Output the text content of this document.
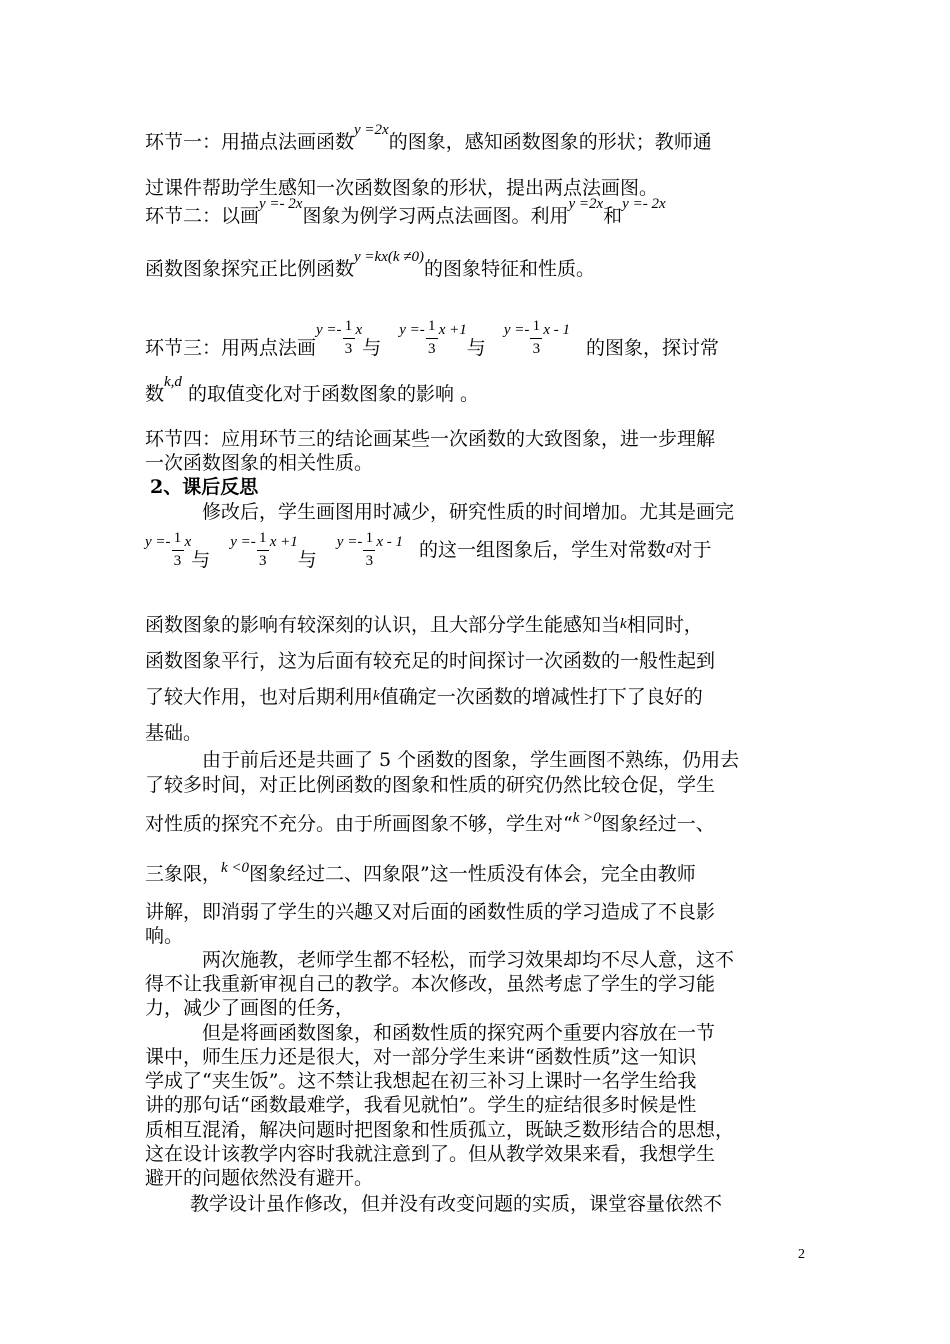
环节一：用描点法画函数$^{y =2x}$的图象，感知函数图象的形状；教师通
过课件帮助学生感知一次函数图象的形状，提出两点法画图。
环节二：以画$^{y =- 2x}$图象为例学习两点法画图。利用$^{y =2x}$和$^{y =- 2x}$
函数图象探究正比例函数$^{y =kx(k \ne 0)}$的图象特征和性质。
环节三：用两点法画$^{y =-} \frac{1}{3} ^x$与$^{y =-} \frac{1}{3} ^{x +1}$与$^{y =-} \frac{1}{3} ^{x - 1}$的图象，探讨常
数$^{k,d}$ 的取值变化对于函数图象的影响 。
环节四：应用环节三的结论画某些一次函数的大致图象，进一步理解
一次函数图象的相关性质。
2、课后反思
修改后，学生画图用时减少，研究性质的时间增加。尤其是画完
$^{y =-} \frac{1}{3} ^x$与$^{y =-} \frac{1}{3} ^{x +1}$与$^{y =-} \frac{1}{3} ^{x - 1}$ 的这一组图象后，学生对常数d对于
函数图象的影响有较深刻的认识，且大部分学生能感知当k相同时，
函数图象平行，这为后面有较充足的时间探讨一次函数的一般性起到
了较大作用，也对后期利用k值确定一次函数的增减性打下了良好的
基础。
由于前后还是共画了 5 个函数的图象，学生画图不熟练，仍用去
了较多时间，对正比例函数的图象和性质的研究仍然比较仓促，学生
对性质的探究不充分。由于所画图象不够，学生对“$^{k >0}$图象经过一、
三象限，$^{k <0}$图象经过二、四象限”这一性质没有体会，完全由教师
讲解，即消弱了学生的兴趣又对后面的函数性质的学习造成了不良影
响。
两次施教，老师学生都不轻松，而学习效果却均不尽人意，这不
得不让我重新审视自己的教学。本次修改，虽然考虑了学生的学习能
力，减少了画图的任务，
但是将画函数图象，和函数性质的探究两个重要内容放在一节
课中，师生压力还是很大，对一部分学生来讲“函数性质”这一知识
学成了“夹生饭”。这不禁让我想起在初三补习上课时一名学生给我
讲的那句话“函数最难学，我看见就怕”。学生的症结很多时候是性
质相互混淆，解决问题时把图象和性质孤立，既缺乏数形结合的思想，
这在设计该教学内容时我就注意到了。但从教学效果来看，我想学生
避开的问题依然没有避开。
教学设计虽作修改，但并没有改变问题的实质，课堂容量依然不
2
